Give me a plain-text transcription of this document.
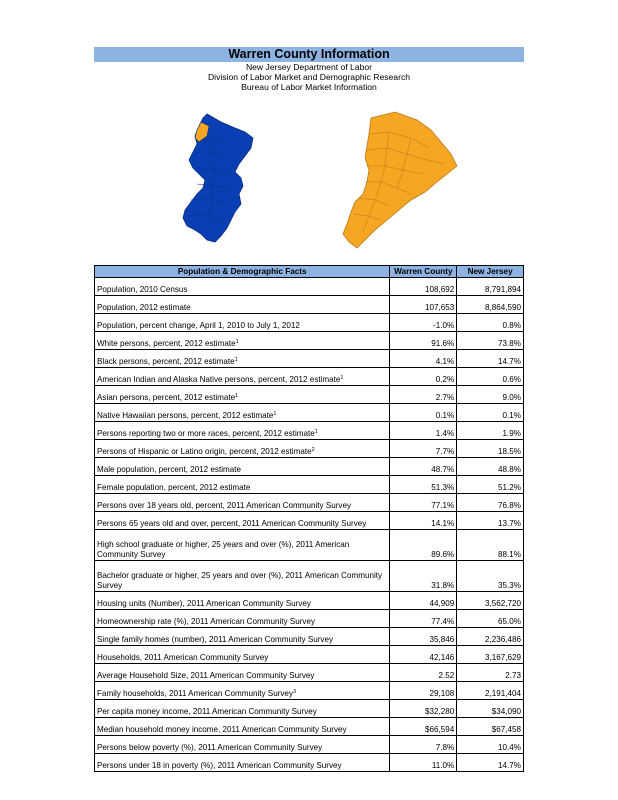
Warren County Information
New Jersey Department of Labor
Division of Labor Market and Demographic Research
Bureau of Labor Market Information
Population & Demographic Facts	Warren County	New Jersey
Population, 2010 Census	108,692	8,791,894
Population, 2012 estimate	107,653	8,864,590
Population, percent change, April 1, 2010 to July 1, 2012	-1.0%	0.8%
White persons, percent, 2012 estimate$^1$	91.6%	73.8%
Black persons, percent, 2012 estimate$^1$	4.1%	14.7%
American Indian and Alaska Native persons, percent, 2012 estimate$^1$	0.2%	0.6%
Asian persons, percent, 2012 estimate$^1$	2.7%	9.0%
Native Hawaiian persons, percent, 2012 estimate$^1$	0.1%	0.1%
Persons reporting two or more races, percent, 2012 estimate$^1$	1.4%	1.9%
Persons of Hispanic or Latino origin, percent, 2012 estimate$^2$	7.7%	18.5%
Male population, percent, 2012 estimate	48.7%	48.8%
Female population, percent, 2012 estimate	51.3%	51.2%
Persons over 18 years old, percent, 2011 American Community Survey	77.1%	76.8%
Persons 65 years old and over, percent, 2011 American Community Survey	14.1%	13.7%
High school graduate or higher, 25 years and over (%), 2011 American Community Survey	89.6%	88.1%
Bachelor graduate or higher, 25 years and over (%), 2011 American Community Survey	31.8%	35.3%
Housing units (Number), 2011 American Community Survey	44,909	3,562,720
Homeownership rate (%), 2011 American Community Survey	77.4%	65.0%
Single family homes (number), 2011 American Community Survey	35,846	2,236,486
Households, 2011 American Community Survey	42,146	3,167,629
Average Household Size, 2011 American Community Survey	2.52	2.73
Family households, 2011 American Community Survey$^3$	29,108	2,191,404
Per capita money income, 2011 American Community Survey	$32,280	$34,090
Median household money income, 2011 American Community Survey	$66,594	$67,458
Persons below poverty (%), 2011 American Community Survey	7.8%	10.4%
Persons under 18 in poverty (%), 2011 American Community Survey	11.0%	14.7%
